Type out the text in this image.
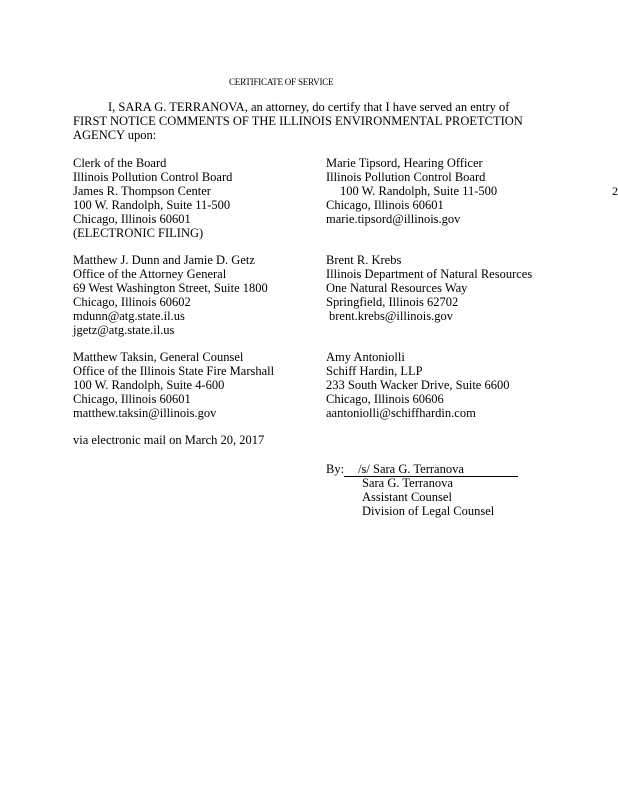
CERTIFICATE OF SERVICE
I, SARA G. TERRANOVA, an attorney, do certify that I have served an entry of
FIRST NOTICE COMMENTS OF THE ILLINOIS ENVIRONMENTAL PROETCTION
AGENCY upon:
Clerk of the Board
Illinois Pollution Control Board
James R. Thompson Center
100 W. Randolph, Suite 11-500
Chicago, Illinois 60601
(ELECTRONIC FILING)
Matthew J. Dunn and Jamie D. Getz
Office of the Attorney General
69 West Washington Street, Suite 1800
Chicago, Illinois 60602
mdunn@atg.state.il.us
jgetz@atg.state.il.us
Matthew Taksin, General Counsel
Office of the Illinois State Fire Marshall
100 W. Randolph, Suite 4-600
Chicago, Illinois 60601
matthew.taksin@illinois.gov
Marie Tipsord, Hearing Officer
Illinois Pollution Control Board
100 W. Randolph, Suite 11-500
Chicago, Illinois 60601
marie.tipsord@illinois.gov
2
Brent R. Krebs
Illinois Department of Natural Resources
One Natural Resources Way
Springfield, Illinois 62702
brent.krebs@illinois.gov
Amy Antoniolli
Schiff Hardin, LLP
233 South Wacker Drive, Suite 6600
Chicago, Illinois 60606
aantoniolli@schiffhardin.com
via electronic mail on March 20, 2017
By: /s/ Sara G. Terranova
Sara G. Terranova
Assistant Counsel
Division of Legal Counsel
